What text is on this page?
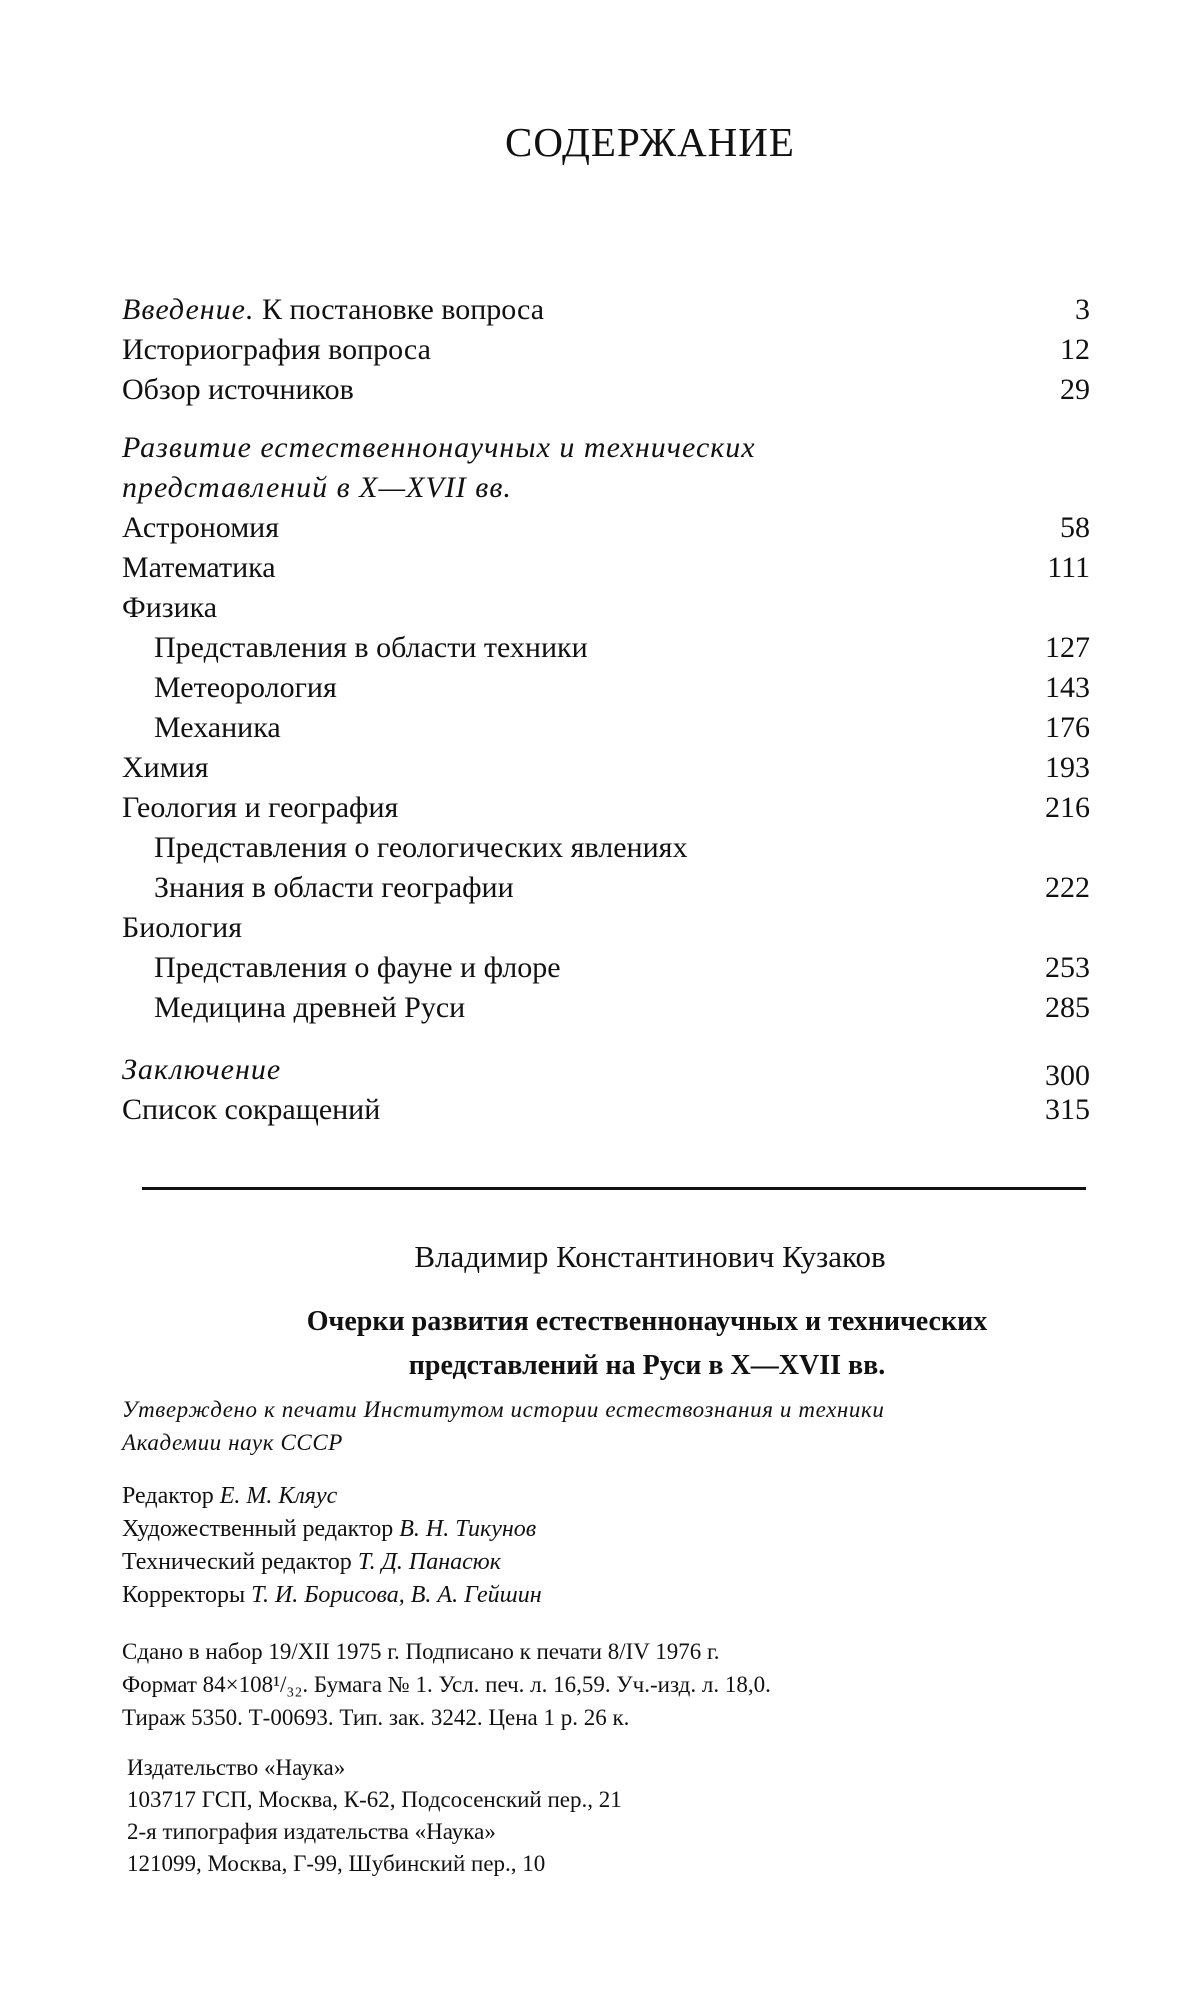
СОДЕРЖАНИЕ
Введение. К постановке вопроса	3
Историография вопроса	12
Обзор источников	29
Развитие естественнонаучных и технических
представлений в X—XVII вв.
Астрономия	58
Математика	111
Физика
Представления в области техники	127
Метеорология	143
Механика	176
Химия	193
Геология и география	216
Представления о геологических явлениях
Знания в области географии	222
Биология
Представления о фауне и флоре	253
Медицина древней Руси	285
Заключение	300
Список сокращений	315
Владимир Константинович Кузаков
Очерки развития естественнонаучных и технических
представлений на Руси в X—XVII вв.
Утверждено к печати Институтом истории естествознания и техники
Академии наук СССР
Редактор Е. М. Кляус
Художественный редактор В. Н. Тикунов
Технический редактор Т. Д. Панасюк
Корректоры Т. И. Борисова, В. А. Гейшин
Сдано в набор 19/XII 1975 г. Подписано к печати 8/IV 1976 г.
Формат 84×108¹/₃₂. Бумага № 1. Усл. печ. л. 16,59. Уч.-изд. л. 18,0.
Тираж 5350. Т-00693. Тип. зак. 3242. Цена 1 р. 26 к.
Издательство «Наука»
103717 ГСП, Москва, К-62, Подсосенский пер., 21
2-я типография издательства «Наука»
121099, Москва, Г-99, Шубинский пер., 10
